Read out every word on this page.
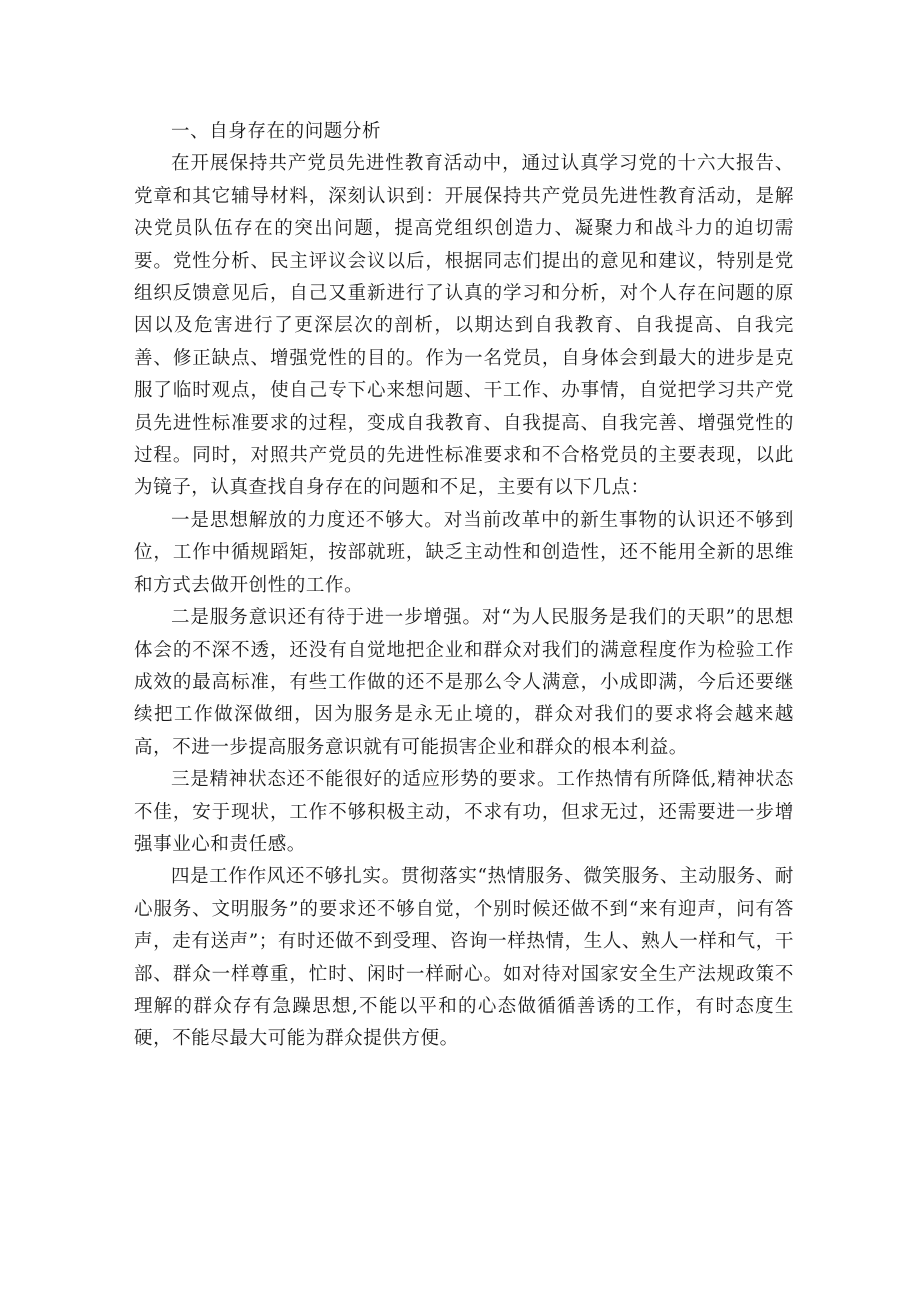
一、自身存在的问题分析

在开展保持共产党员先进性教育活动中，通过认真学习党的十六大报告、党章和其它辅导材料，深刻认识到：开展保持共产党员先进性教育活动，是解决党员队伍存在的突出问题，提高党组织创造力、凝聚力和战斗力的迫切需要。党性分析、民主评议会议以后，根据同志们提出的意见和建议，特别是党组织反馈意见后，自己又重新进行了认真的学习和分析，对个人存在问题的原因以及危害进行了更深层次的剖析，以期达到自我教育、自我提高、自我完善、修正缺点、增强党性的目的。作为一名党员，自身体会到最大的进步是克服了临时观点，使自己专下心来想问题、干工作、办事情，自觉把学习共产党员先进性标准要求的过程，变成自我教育、自我提高、自我完善、增强党性的过程。同时，对照共产党员的先进性标准要求和不合格党员的主要表现，以此为镜子，认真查找自身存在的问题和不足，主要有以下几点：

一是思想解放的力度还不够大。对当前改革中的新生事物的认识还不够到位，工作中循规蹈矩，按部就班，缺乏主动性和创造性，还不能用全新的思维和方式去做开创性的工作。

二是服务意识还有待于进一步增强。对“为人民服务是我们的天职”的思想体会的不深不透，还没有自觉地把企业和群众对我们的满意程度作为检验工作成效的最高标准，有些工作做的还不是那么令人满意，小成即满，今后还要继续把工作做深做细，因为服务是永无止境的，群众对我们的要求将会越来越高，不进一步提高服务意识就有可能损害企业和群众的根本利益。

三是精神状态还不能很好的适应形势的要求。工作热情有所降低,精神状态不佳，安于现状，工作不够积极主动，不求有功，但求无过，还需要进一步增强事业心和责任感。

四是工作作风还不够扎实。贯彻落实“热情服务、微笑服务、主动服务、耐心服务、文明服务”的要求还不够自觉，个别时候还做不到“来有迎声，问有答声，走有送声”；有时还做不到受理、咨询一样热情，生人、熟人一样和气，干部、群众一样尊重，忙时、闲时一样耐心。如对待对国家安全生产法规政策不理解的群众存有急躁思想,不能以平和的心态做循循善诱的工作，有时态度生硬，不能尽最大可能为群众提供方便。
